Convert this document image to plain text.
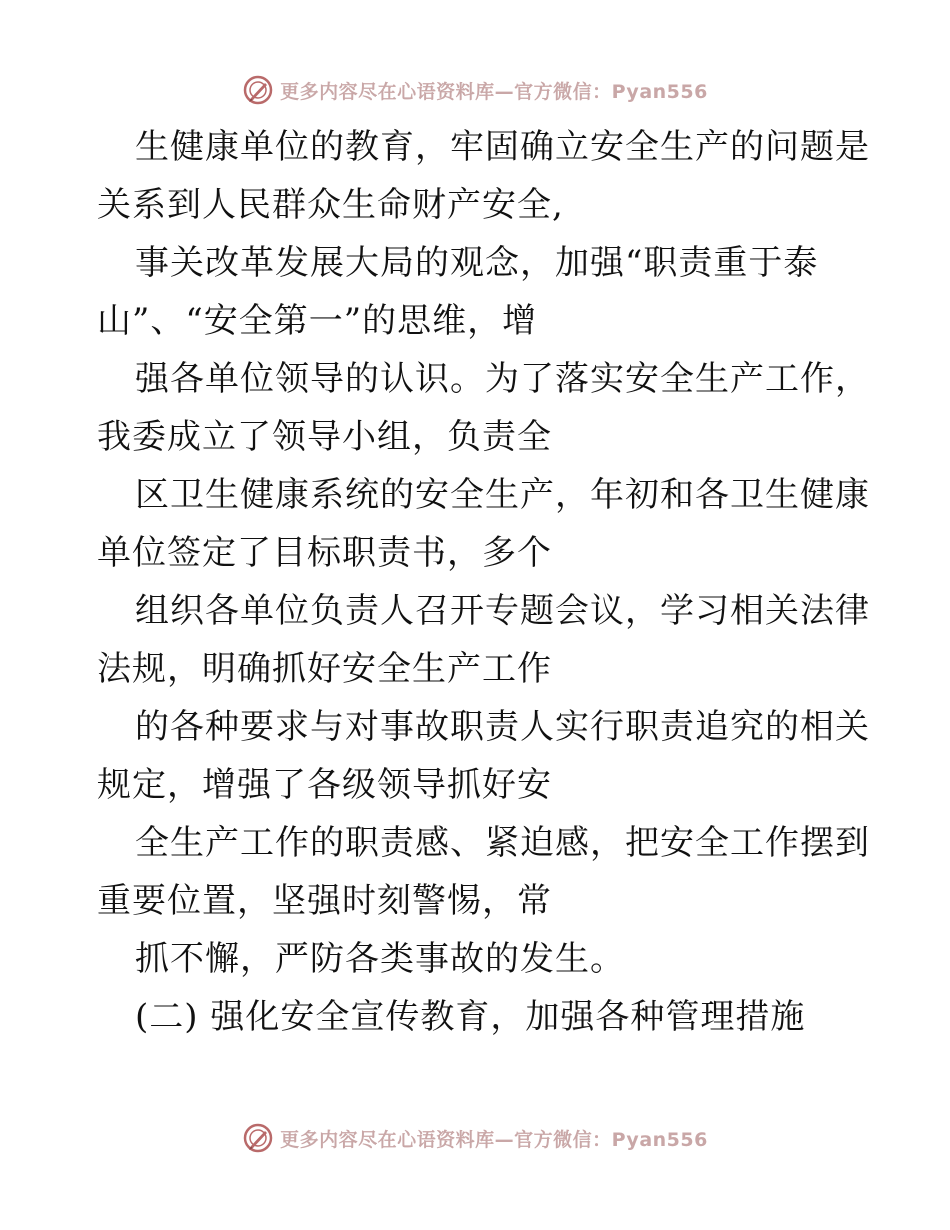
更多内容尽在心语资料库—官方微信：Pyan556
生健康单位的教育，牢固确立安全生产的问题是
关系到人民群众生命财产安全,
事关改革发展大局的观念，加强“职责重于泰
山”、“安全第一”的思维，增
强各单位领导的认识。为了落实安全生产工作，
我委成立了领导小组，负责全
区卫生健康系统的安全生产，年初和各卫生健康
单位签定了目标职责书，多个
组织各单位负责人召开专题会议，学习相关法律
法规，明确抓好安全生产工作
的各种要求与对事故职责人实行职责追究的相关
规定，增强了各级领导抓好安
全生产工作的职责感、紧迫感，把安全工作摆到
重要位置，坚强时刻警惕，常
抓不懈，严防各类事故的发生。
(二) 强化安全宣传教育，加强各种管理措施
更多内容尽在心语资料库—官方微信：Pyan556
